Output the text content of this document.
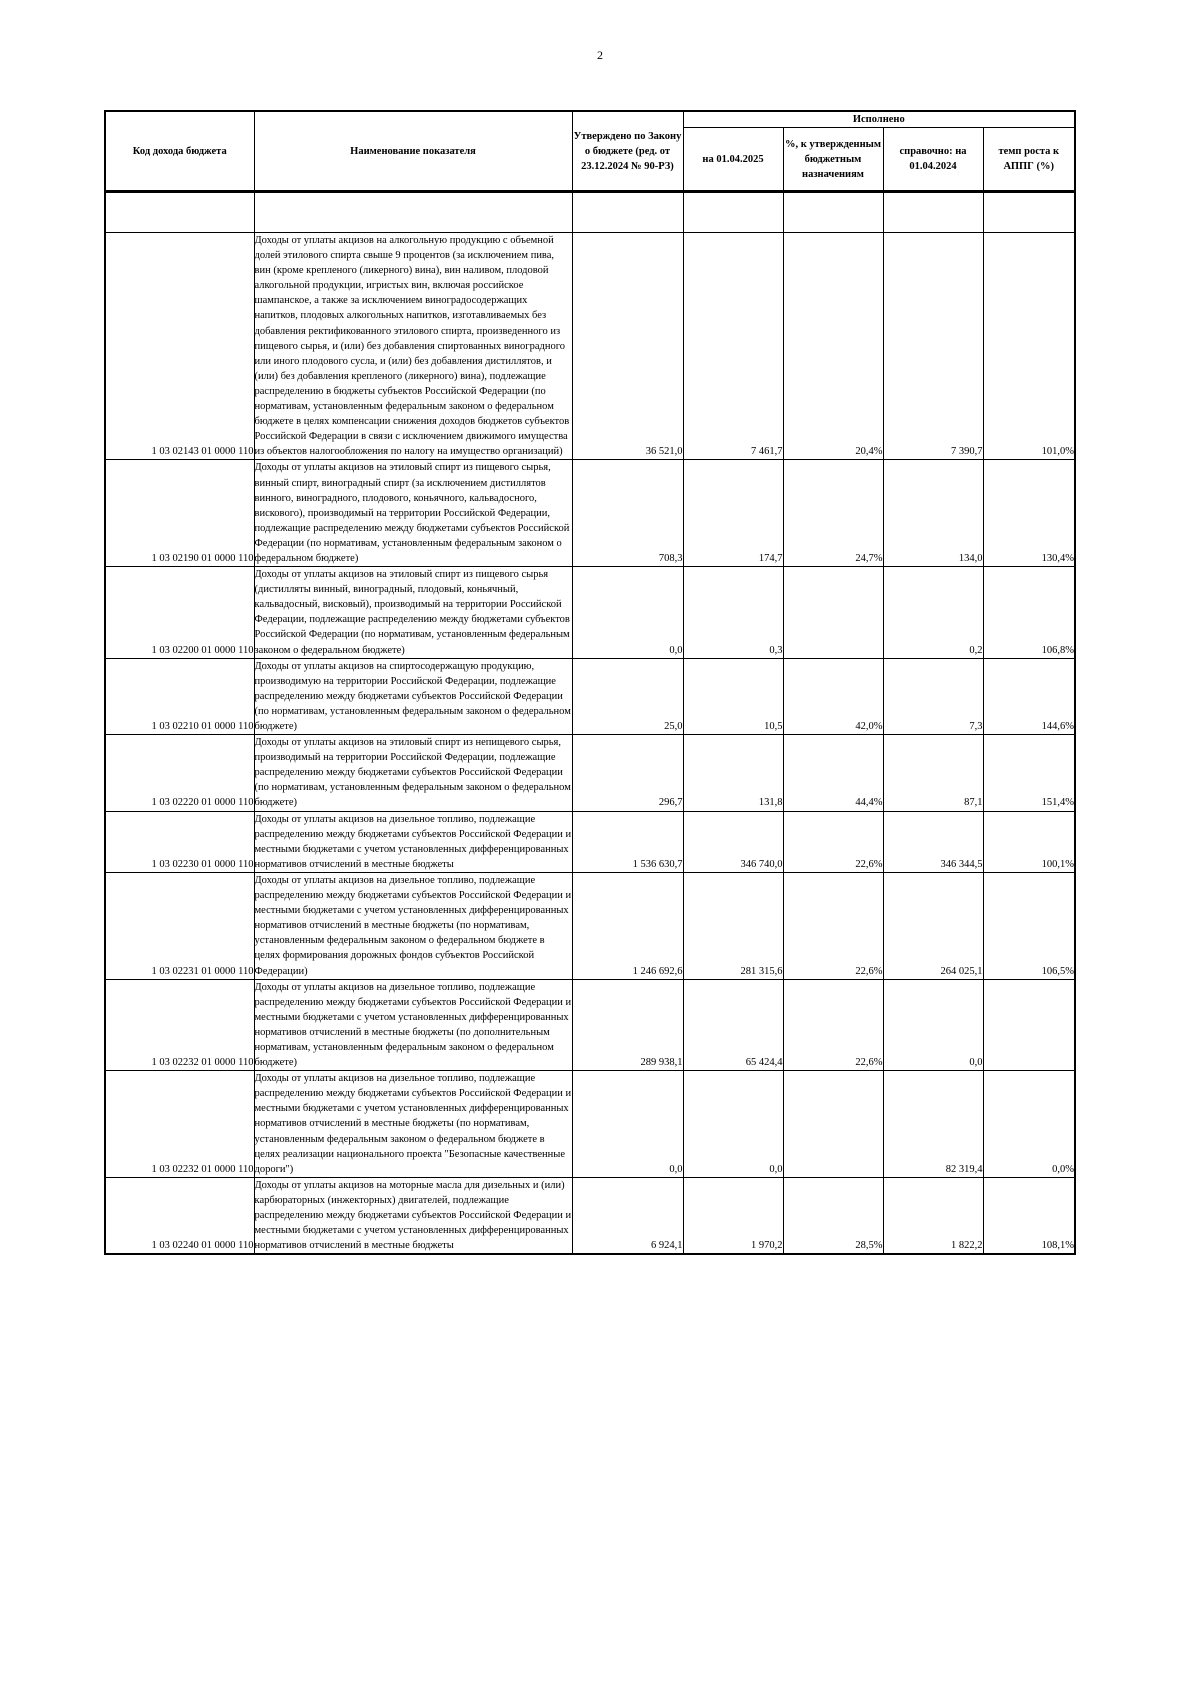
2
Код дохода бюджета	Наименование показателя	Утверждено по Закону о бюджете (ред. от 23.12.2024 № 90-РЗ)	Исполнено			
			на 01.04.2025	%, к утвержденным бюджетным назначениям	справочно: на 01.04.2024	темп роста к АППГ (%)

1 03 02143 01 0000 110	Доходы от уплаты акцизов на алкогольную продукцию с объемной долей этилового спирта свыше 9 процентов (за исключением пива, вин (кроме крепленого (ликерного) вина), вин наливом, плодовой алкогольной продукции, игристых вин, включая российское шампанское, а также за исключением виноградосодержащих напитков, плодовых алкогольных напитков, изготавливаемых без добавления ректификованного этилового спирта, произведенного из пищевого сырья, и (или) без добавления спиртованных виноградного или иного плодового сусла, и (или) без добавления дистиллятов, и (или) без добавления крепленого (ликерного) вина), подлежащие распределению в бюджеты субъектов Российской Федерации (по нормативам, установленным федеральным законом о федеральном бюджете в целях компенсации снижения доходов бюджетов субъектов Российской Федерации в связи с исключением движимого имущества из объектов налогообложения по налогу на имущество организаций)	36 521,0	7 461,7	20,4%	7 390,7	101,0%
1 03 02190 01 0000 110	Доходы от уплаты акцизов на этиловый спирт из пищевого сырья, винный спирт, виноградный спирт (за исключением дистиллятов винного, виноградного, плодового, коньячного, кальвадосного, вискового), производимый на территории Российской Федерации, подлежащие распределению между бюджетами субъектов Российской Федерации (по нормативам, установленным федеральным законом о федеральном бюджете)	708,3	174,7	24,7%	134,0	130,4%
1 03 02200 01 0000 110	Доходы от уплаты акцизов на этиловый спирт из пищевого сырья (дистилляты винный, виноградный, плодовый, коньячный, кальвадосный, висковый), производимый на территории Российской Федерации, подлежащие распределению между бюджетами субъектов Российской Федерации (по нормативам, установленным федеральным законом о федеральном бюджете)	0,0	0,3		0,2	106,8%
1 03 02210 01 0000 110	Доходы от уплаты акцизов на спиртосодержащую продукцию, производимую на территории Российской Федерации, подлежащие распределению между бюджетами субъектов Российской Федерации (по нормативам, установленным федеральным законом о федеральном бюджете)	25,0	10,5	42,0%	7,3	144,6%
1 03 02220 01 0000 110	Доходы от уплаты акцизов на этиловый спирт из непищевого сырья, производимый на территории Российской Федерации, подлежащие распределению между бюджетами субъектов Российской Федерации (по нормативам, установленным федеральным законом о федеральном бюджете)	296,7	131,8	44,4%	87,1	151,4%
1 03 02230 01 0000 110	Доходы от уплаты акцизов на дизельное топливо, подлежащие распределению между бюджетами субъектов Российской Федерации и местными бюджетами с учетом установленных дифференцированных нормативов отчислений в местные бюджеты	1 536 630,7	346 740,0	22,6%	346 344,5	100,1%
1 03 02231 01 0000 110	Доходы от уплаты акцизов на дизельное топливо, подлежащие распределению между бюджетами субъектов Российской Федерации и местными бюджетами с учетом установленных дифференцированных нормативов отчислений в местные бюджеты (по нормативам, установленным федеральным законом о федеральном бюджете в целях формирования дорожных фондов субъектов Российской Федерации)	1 246 692,6	281 315,6	22,6%	264 025,1	106,5%
1 03 02232 01 0000 110	Доходы от уплаты акцизов на дизельное топливо, подлежащие распределению между бюджетами субъектов Российской Федерации и местными бюджетами с учетом установленных дифференцированных нормативов отчислений в местные бюджеты (по дополнительным нормативам, установленным федеральным законом о федеральном бюджете)	289 938,1	65 424,4	22,6%	0,0	
1 03 02232 01 0000 110	Доходы от уплаты акцизов на дизельное топливо, подлежащие распределению между бюджетами субъектов Российской Федерации и местными бюджетами с учетом установленных дифференцированных нормативов отчислений в местные бюджеты (по нормативам, установленным федеральным законом о федеральном бюджете в целях реализации национального проекта "Безопасные качественные дороги")	0,0	0,0		82 319,4	0,0%
1 03 02240 01 0000 110	Доходы от уплаты акцизов на моторные масла для дизельных и (или) карбюраторных (инжекторных) двигателей, подлежащие распределению между бюджетами субъектов Российской Федерации и местными бюджетами с учетом установленных дифференцированных нормативов отчислений в местные бюджеты	6 924,1	1 970,2	28,5%	1 822,2	108,1%
